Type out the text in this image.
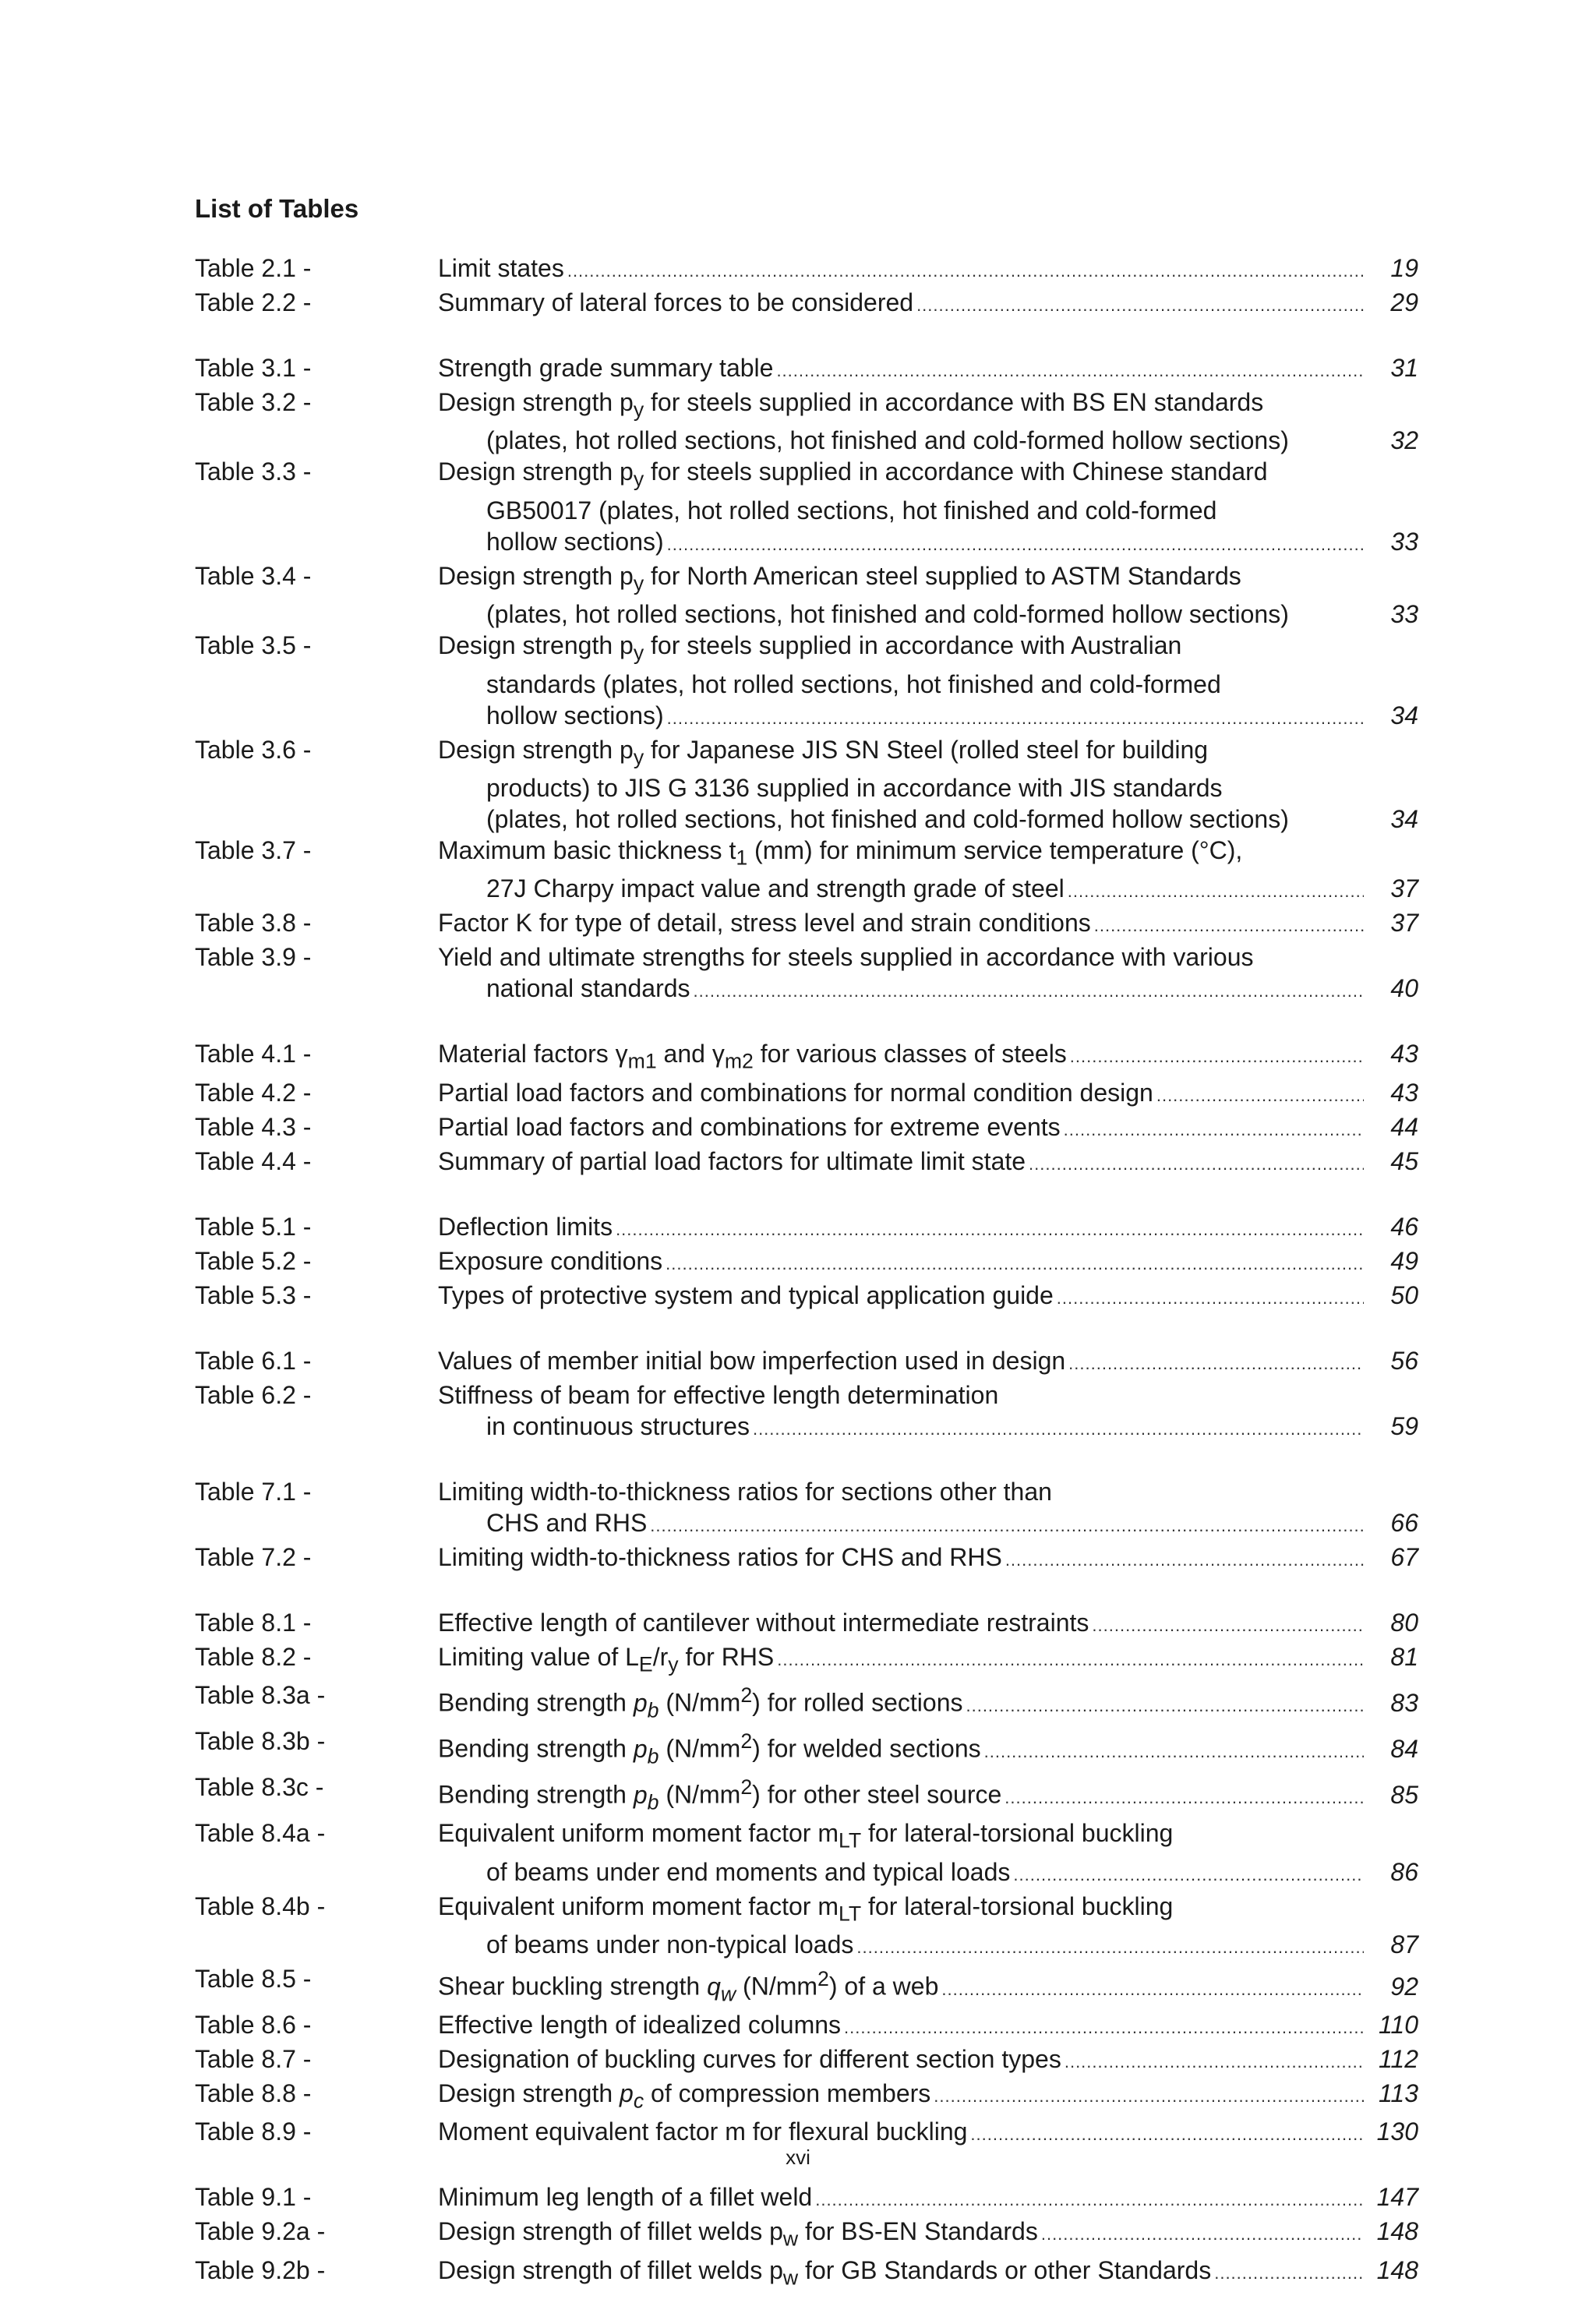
List of Tables
Table 2.1 -	Limit states .....	19
Table 2.2 -	Summary of lateral forces to be considered .....	29
Table 3.1 -	Strength grade summary table .....	31
Table 3.2 -	Design strength $p_y$ for steels supplied in accordance with BS EN standards
(plates, hot rolled sections, hot finished and cold-formed hollow sections)	32
Table 3.3 -	Design strength $p_y$ for steels supplied in accordance with Chinese standard
GB50017 (plates, hot rolled sections, hot finished and cold-formed
hollow sections) .....	33
Table 3.4 -	Design strength $p_y$ for North American steel supplied to ASTM Standards
(plates, hot rolled sections, hot finished and cold-formed hollow sections)	33
Table 3.5 -	Design strength $p_y$ for steels supplied in accordance with Australian
standards (plates, hot rolled sections, hot finished and cold-formed
hollow sections) .....	34
Table 3.6 -	Design strength $p_y$ for Japanese JIS SN Steel (rolled steel for building
products) to JIS G 3136 supplied in accordance with JIS standards
(plates, hot rolled sections, hot finished and cold-formed hollow sections)	34
Table 3.7 -	Maximum basic thickness $t_1$ (mm) for minimum service temperature (°C),
27J Charpy impact value and strength grade of steel .....	37
Table 3.8 -	Factor K for type of detail, stress level and strain conditions .....	37
Table 3.9 -	Yield and ultimate strengths for steels supplied in accordance with various
national standards .....	40
Table 4.1 -	Material factors $\gamma_{m1}$ and $\gamma_{m2}$ for various classes of steels .....	43
Table 4.2 -	Partial load factors and combinations for normal condition design .....	43
Table 4.3 -	Partial load factors and combinations for extreme events .....	44
Table 4.4 -	Summary of partial load factors for ultimate limit state .....	45
Table 5.1 -	Deflection limits .....	46
Table 5.2 -	Exposure conditions .....	49
Table 5.3 -	Types of protective system and typical application guide .....	50
Table 6.1 -	Values of member initial bow imperfection used in design .....	56
Table 6.2 -	Stiffness of beam for effective length determination
in continuous structures .....	59
Table 7.1 -	Limiting width-to-thickness ratios for sections other than
CHS and RHS .....	66
Table 7.2 -	Limiting width-to-thickness ratios for CHS and RHS .....	67
Table 8.1 -	Effective length of cantilever without intermediate restraints .....	80
Table 8.2 -	Limiting value of $L_E/r_y$ for RHS .....	81
Table 8.3a -	Bending strength $p_b$ $(N/mm^2)$ for rolled sections .....	83
Table 8.3b -	Bending strength $p_b$ $(N/mm^2)$ for welded sections .....	84
Table 8.3c -	Bending strength $p_b$ $(N/mm^2)$ for other steel source .....	85
Table 8.4a -	Equivalent uniform moment factor $m_{LT}$ for lateral-torsional buckling
of beams under end moments and typical loads .....	86
Table 8.4b -	Equivalent uniform moment factor $m_{LT}$ for lateral-torsional buckling
of beams under non-typical loads .....	87
Table 8.5 -	Shear buckling strength $q_w$ $(N/mm^2)$ of a web .....	92
Table 8.6 -	Effective length of idealized columns .....	110
Table 8.7 -	Designation of buckling curves for different section types .....	112
Table 8.8 -	Design strength $p_c$ of compression members .....	113
Table 8.9 -	Moment equivalent factor m for flexural buckling .....	130
Table 9.1 -	Minimum leg length of a fillet weld .....	147
Table 9.2a -	Design strength of fillet welds $p_w$ for BS-EN Standards .....	148
Table 9.2b -	Design strength of fillet welds $p_w$ for GB Standards or other Standards .....	148
xvi
